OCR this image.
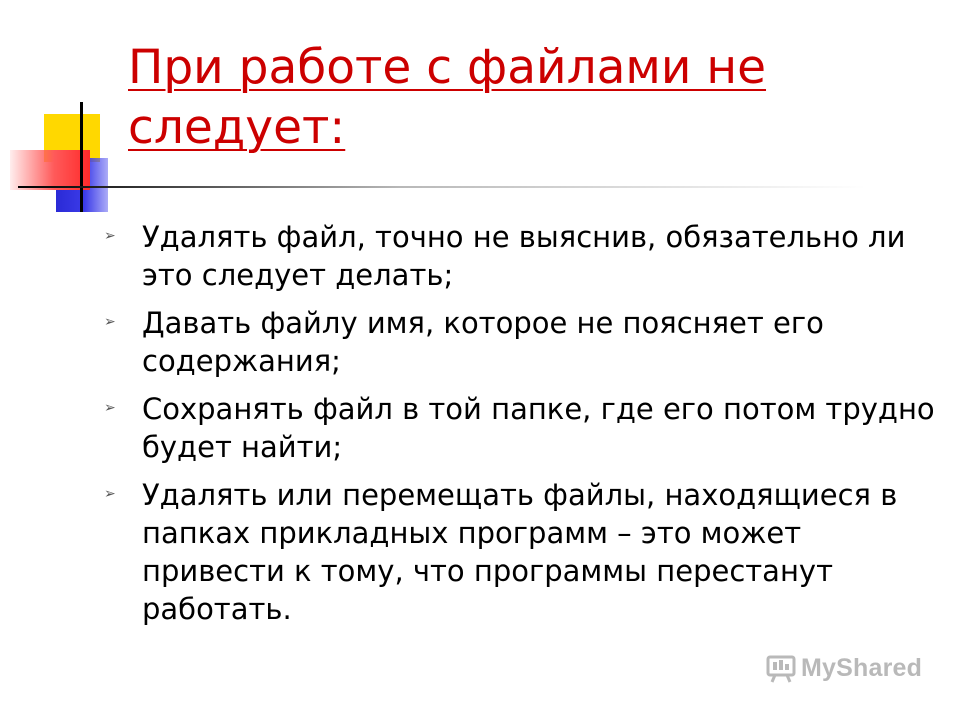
При работе с файлами не следует:
➢ Удалять файл, точно не выяснив, обязательно ли это следует делать;
➢ Давать файлу имя, которое не поясняет его содержания;
➢ Сохранять файл в той папке, где его потом трудно будет найти;
➢ Удалять или перемещать файлы, находящиеся в папках прикладных программ – это может привести к тому, что программы перестанут работать.
MyShared
